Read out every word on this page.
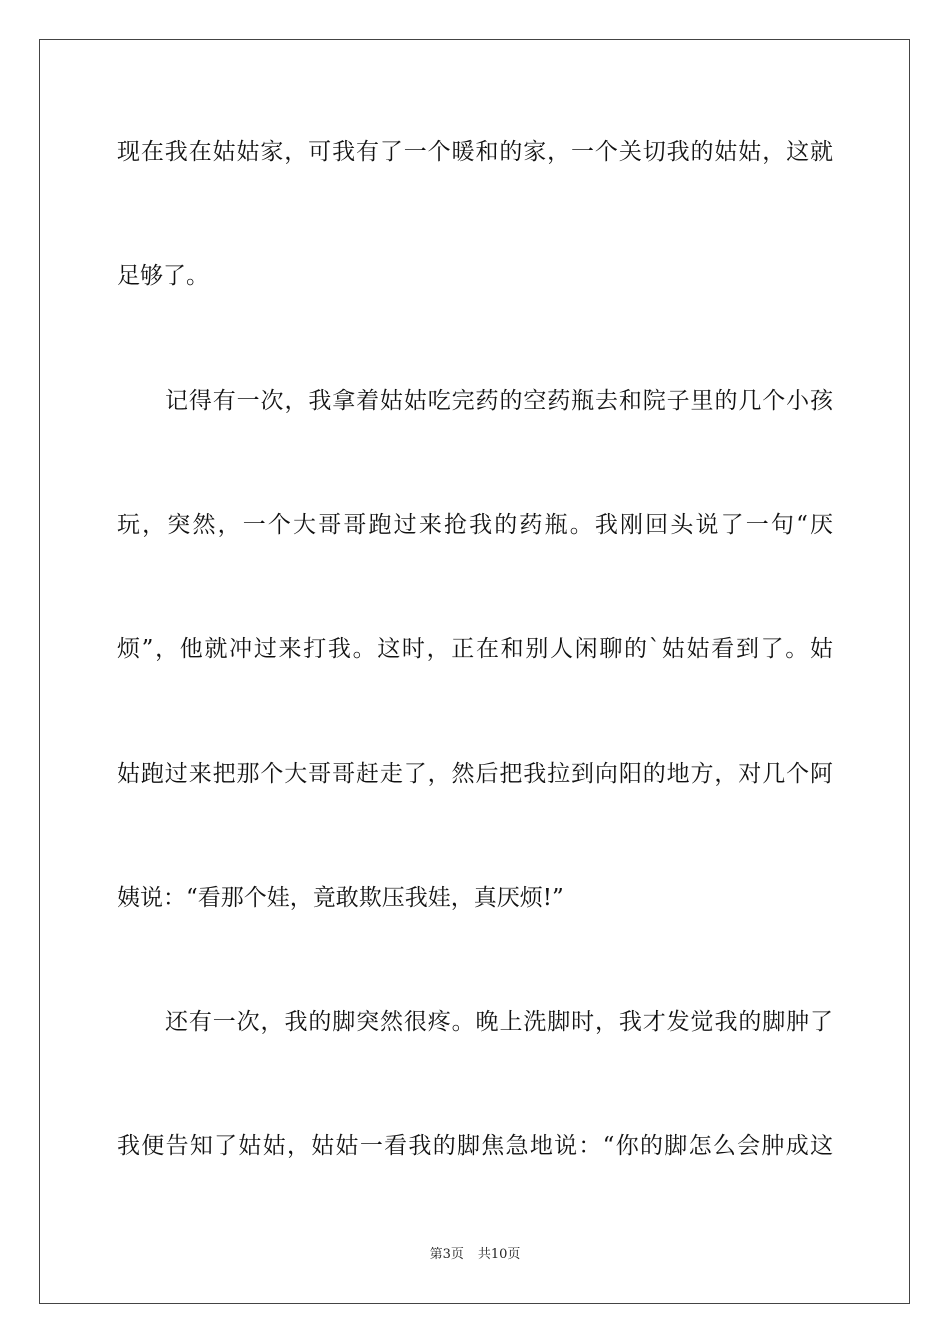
现在我在姑姑家，可我有了一个暖和的家，一个关切我的姑姑，这就
足够了。
记得有一次，我拿着姑姑吃完药的空药瓶去和院子里的几个小孩
玩，突然，一个大哥哥跑过来抢我的药瓶。我刚回头说了一句“厌
烦”，他就冲过来打我。这时，正在和别人闲聊的`姑姑看到了。姑
姑跑过来把那个大哥哥赶走了，然后把我拉到向阳的地方，对几个阿
姨说：“看那个娃，竟敢欺压我娃，真厌烦!”
还有一次，我的脚突然很疼。晚上洗脚时，我才发觉我的脚肿了
我便告知了姑姑，姑姑一看我的脚焦急地说：“你的脚怎么会肿成这
第3页 共10页
